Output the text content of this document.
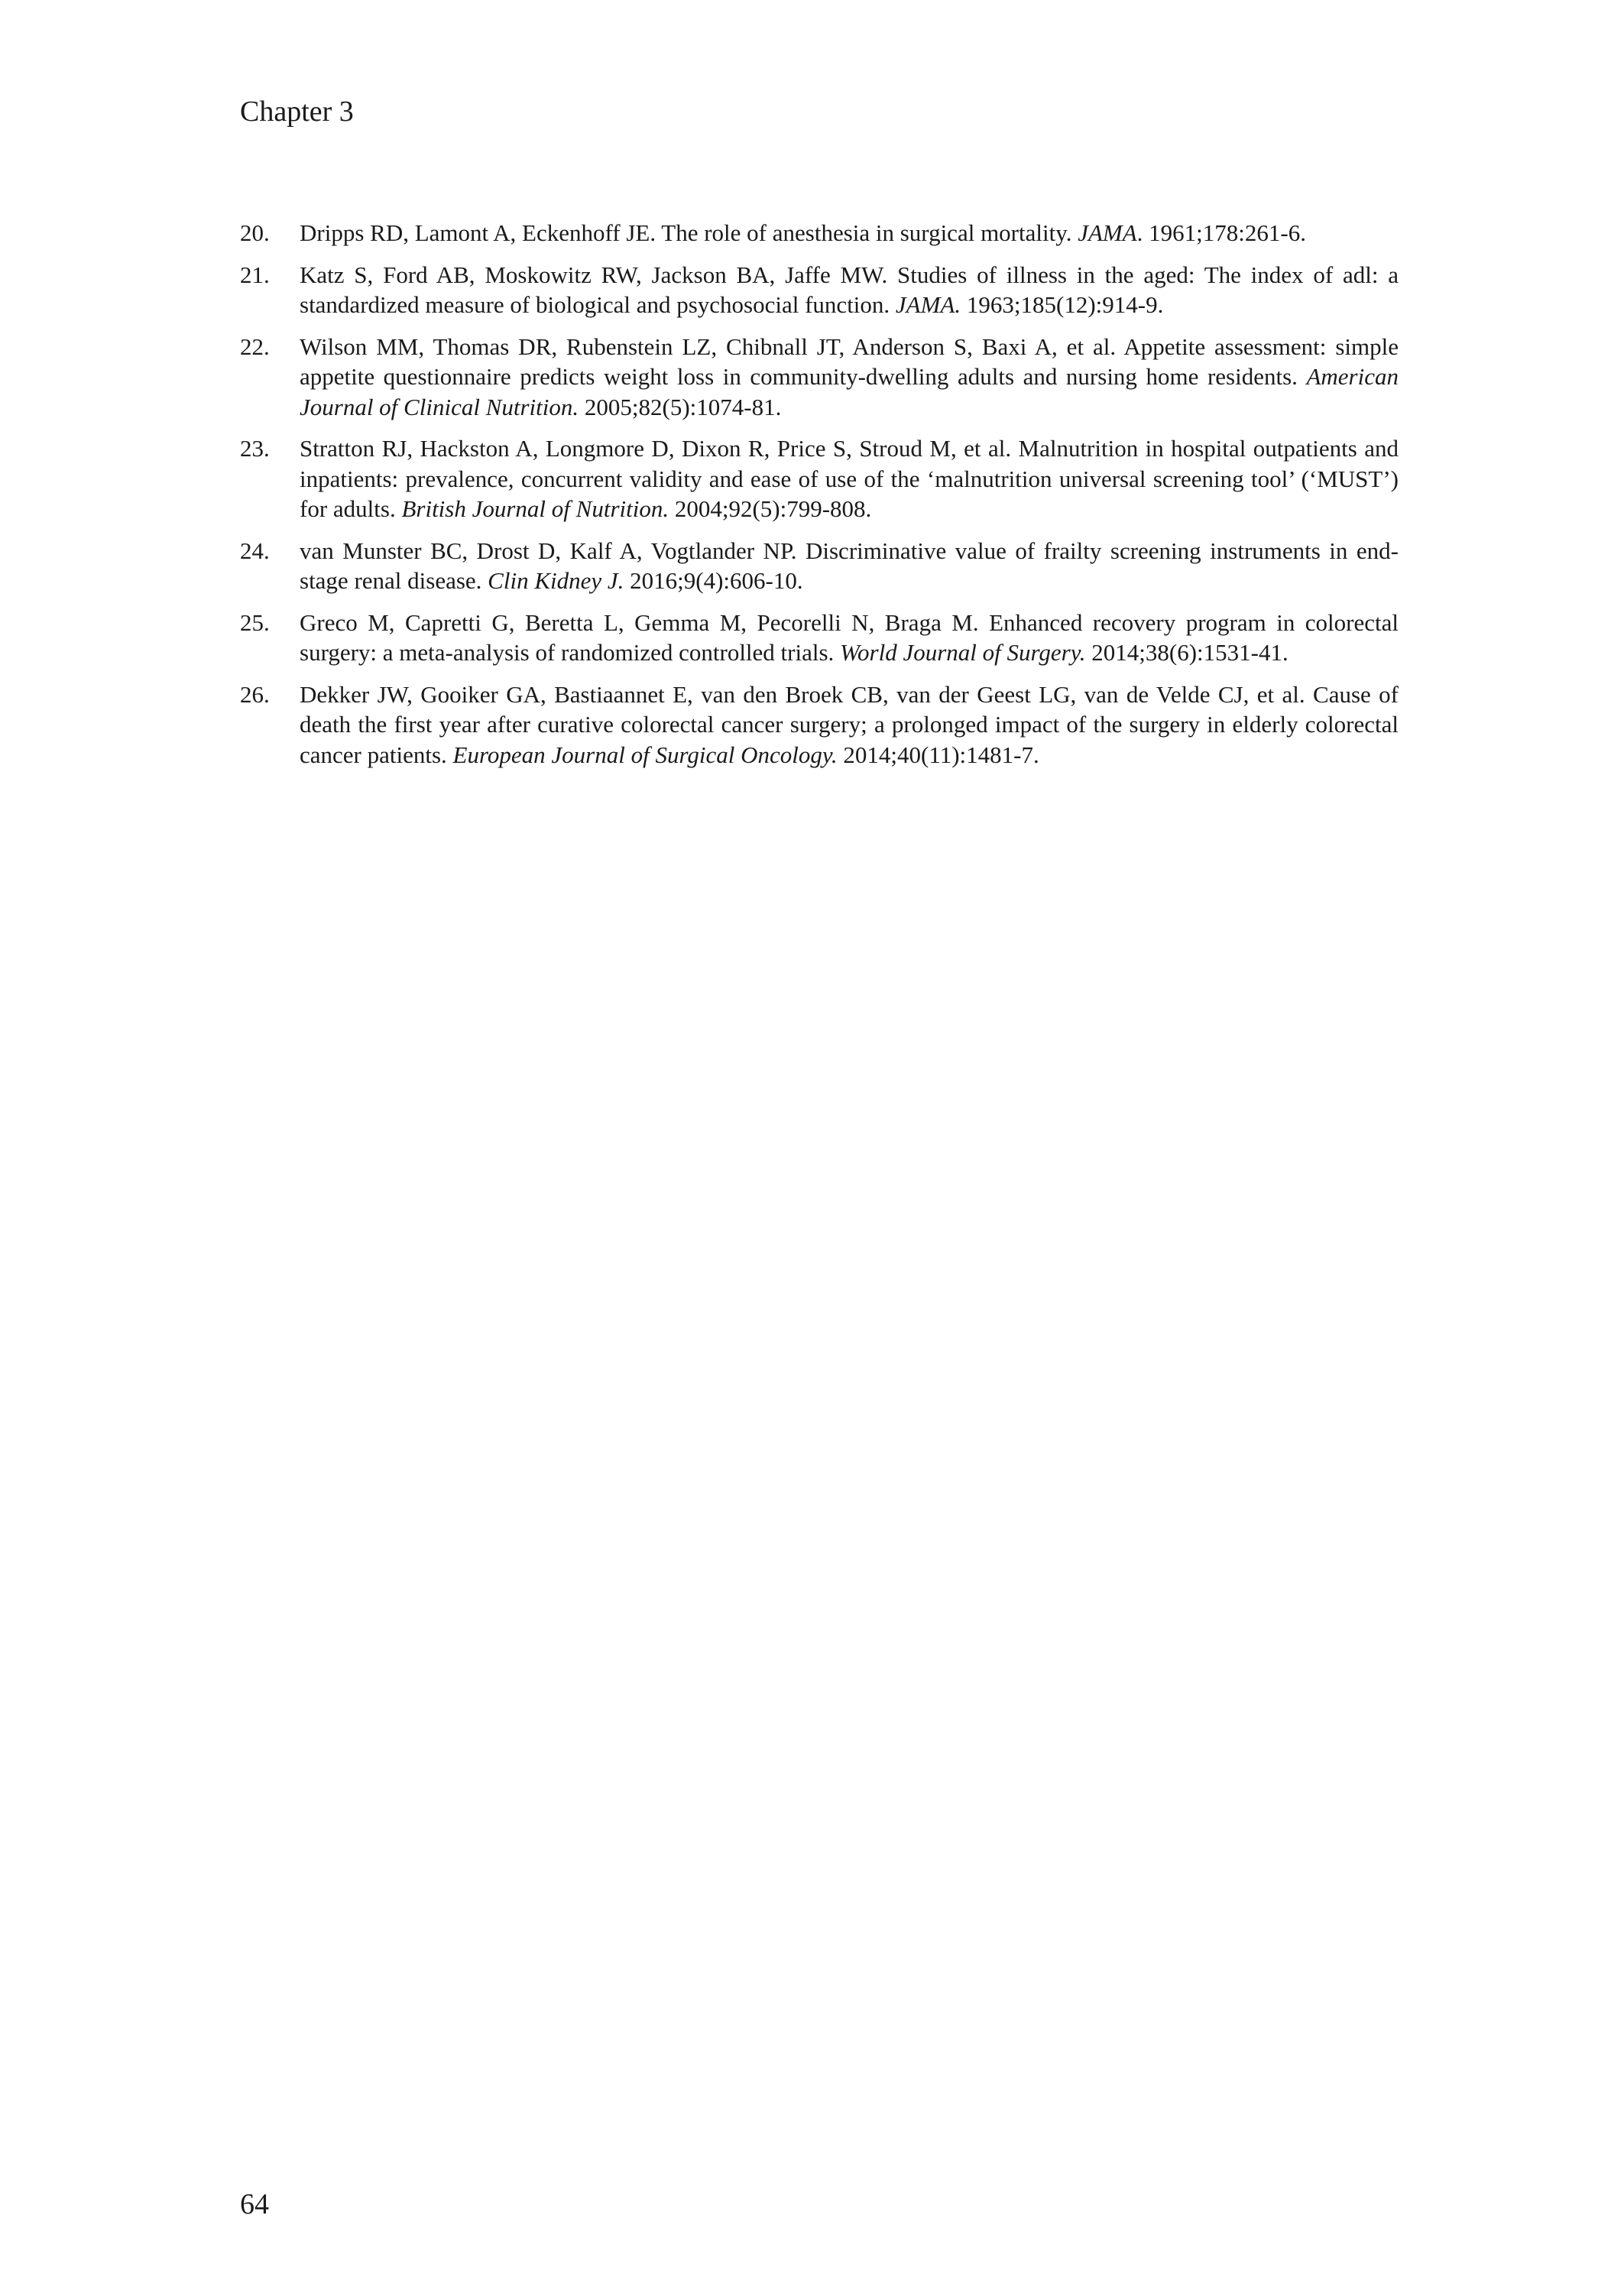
Chapter 3
20.	Dripps RD, Lamont A, Eckenhoff JE. The role of anesthesia in surgical mortality. JAMA. 1961;178:261-6.
21.	Katz S, Ford AB, Moskowitz RW, Jackson BA, Jaffe MW. Studies of illness in the aged: The index of adl: a standardized measure of biological and psychosocial function. JAMA. 1963;185(12):914-9.
22.	Wilson MM, Thomas DR, Rubenstein LZ, Chibnall JT, Anderson S, Baxi A, et al. Appetite assessment: simple appetite questionnaire predicts weight loss in community-dwelling adults and nursing home residents. American Journal of Clinical Nutrition. 2005;82(5):1074-81.
23.	Stratton RJ, Hackston A, Longmore D, Dixon R, Price S, Stroud M, et al. Malnutrition in hospital outpatients and inpatients: prevalence, concurrent validity and ease of use of the ‘malnutrition universal screening tool’ (‘MUST’) for adults. British Journal of Nutrition. 2004;92(5):799-808.
24.	van Munster BC, Drost D, Kalf A, Vogtlander NP. Discriminative value of frailty screening instruments in end-stage renal disease. Clin Kidney J. 2016;9(4):606-10.
25.	Greco M, Capretti G, Beretta L, Gemma M, Pecorelli N, Braga M. Enhanced recovery program in colorectal surgery: a meta-analysis of randomized controlled trials. World Journal of Surgery. 2014;38(6):1531-41.
26.	Dekker JW, Gooiker GA, Bastiaannet E, van den Broek CB, van der Geest LG, van de Velde CJ, et al. Cause of death the first year after curative colorectal cancer surgery; a prolonged impact of the surgery in elderly colorectal cancer patients. European Journal of Surgical Oncology. 2014;40(11):1481-7.
64
